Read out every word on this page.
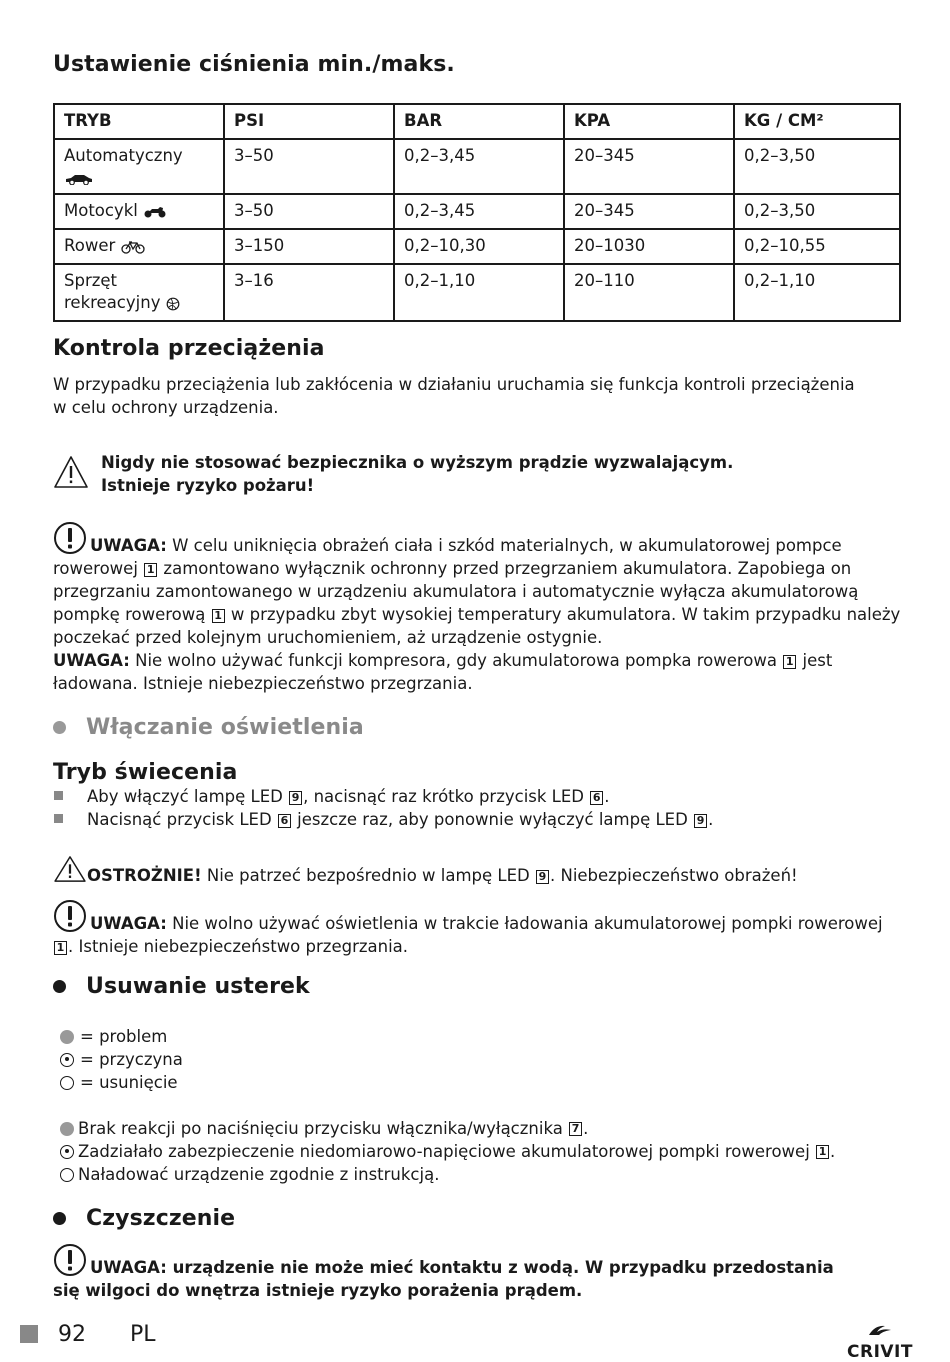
Ustawienie ciśnienia min./maks.
TRYB	PSI	BAR	KPA	KG / CM²
Automatyczny	3–50	0,2–3,45	20–345	0,2–3,50
Motocykl	3–50	0,2–3,45	20–345	0,2–3,50
Rower	3–150	0,2–10,30	20–1030	0,2–10,55
Sprzęt
rekreacyjny	3–16	0,2–1,10	20–110	0,2–1,10
Kontrola przeciążenia

W przypadku przeciążenia lub zakłócenia w działaniu uruchamia się funkcja kontroli przeciążenia

w celu ochrony urządzenia.

Nigdy nie stosować bezpiecznika o wyższym prądzie wyzwalającym.

Istnieje ryzyko pożaru!

UWAGA: W celu uniknięcia obrażeń ciała i szkód materialnych, w akumulatorowej pompce

rowerowej 1 zamontowano wyłącznik ochronny przed przegrzaniem akumulatora. Zapobiega on

przegrzaniu zamontowanego w urządzeniu akumulatora i automatycznie wyłącza akumulatorową

pompkę rowerową 1 w przypadku zbyt wysokiej temperatury akumulatora. W takim przypadku należy

poczekać przed kolejnym uruchomieniem, aż urządzenie ostygnie.

UWAGA: Nie wolno używać funkcji kompresora, gdy akumulatorowa pompka rowerowa 1 jest

ładowana. Istnieje niebezpieczeństwo przegrzania.

Włączanie oświetlenia
Tryb świecenia

Aby włączyć lampę LED 9 , nacisnąć raz krótko przycisk LED 6 .

Nacisnąć przycisk LED 6 jeszcze raz, aby ponownie wyłączyć lampę LED 9 .

OSTROŻNIE! Nie patrzeć bezpośrednio w lampę LED 9 . Niebezpieczeństwo obrażeń!

UWAGA: Nie wolno używać oświetlenia w trakcie ładowania akumulatorowej pompki rowerowej

1 . Istnieje niebezpieczeństwo przegrzania.

Usuwanie usterek
= problem
= przyczyna
= usunięcie
Brak reakcji po naciśnięciu przycisku włącznika/wyłącznika
7 .
Zadziałało zabezpieczenie niedomiarowo-napięciowe akumulatorowej pompki rowerowej
1 .
Naładować urządzenie zgodnie z instrukcją.
Czyszczenie

UWAGA: urządzenie nie może mieć kontaktu z wodą. W przypadku przedostania

się wilgoci do wnętrza istnieje ryzyko porażenia prądem.

92 PL
CRIVIT
